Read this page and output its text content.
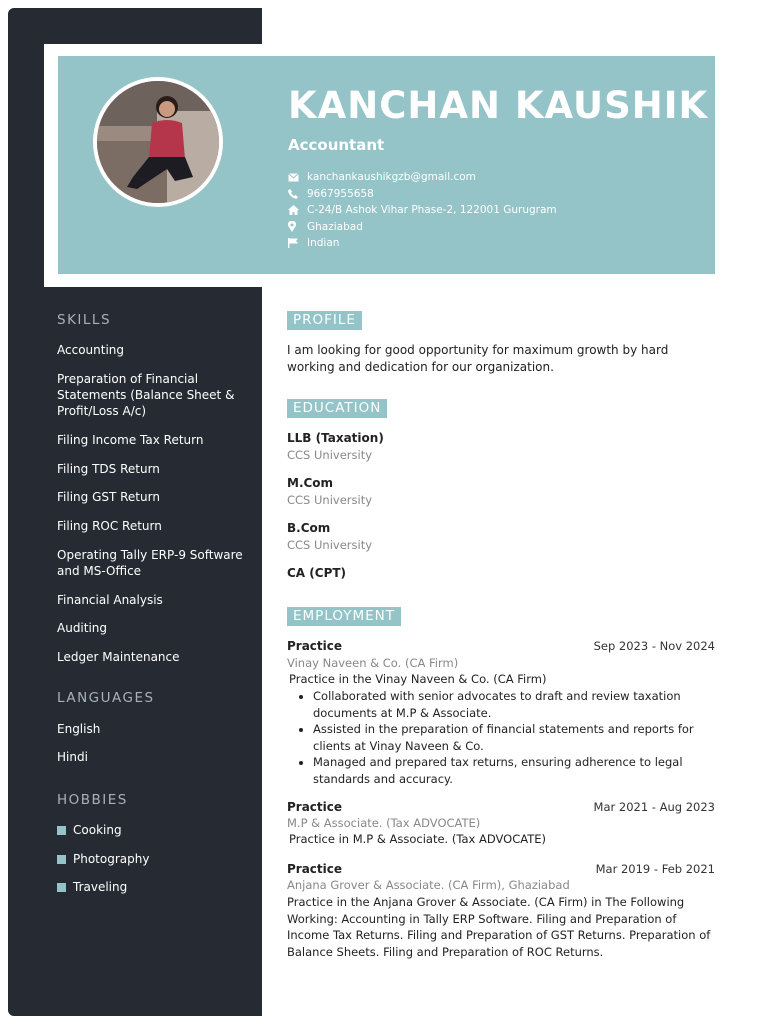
KANCHAN KAUSHIK
Accountant
kanchankaushikgzb@gmail.com
9667955658
C-24/B Ashok Vihar Phase-2, 122001 Gurugram
Ghaziabad
Indian
SKILLS
Accounting
Preparation of Financial Statements (Balance Sheet & Profit/Loss A/c)
Filing Income Tax Return
Filing TDS Return
Filing GST Return
Filing ROC Return
Operating Tally ERP-9 Software and MS-Office
Financial Analysis
Auditing
Ledger Maintenance
LANGUAGES
English
Hindi
HOBBIES
Cooking
Photography
Traveling
PROFILE
I am looking for good opportunity for maximum growth by hard working and dedication for our organization.
EDUCATION
LLB (Taxation)
CCS University
M.Com
CCS University
B.Com
CCS University
CA (CPT)
EMPLOYMENT
Practice	Sep 2023 - Nov 2024
Vinay Naveen & Co. (CA Firm)
Practice in the Vinay Naveen & Co. (CA Firm)
• Collaborated with senior advocates to draft and review taxation documents at M.P & Associate.
• Assisted in the preparation of financial statements and reports for clients at Vinay Naveen & Co.
• Managed and prepared tax returns, ensuring adherence to legal standards and accuracy.
Practice	Mar 2021 - Aug 2023
M.P & Associate. (Tax ADVOCATE)
Practice in M.P & Associate. (Tax ADVOCATE)
Practice	Mar 2019 - Feb 2021
Anjana Grover & Associate. (CA Firm), Ghaziabad
Practice in the Anjana Grover & Associate. (CA Firm) in The Following Working: Accounting in Tally ERP Software. Filing and Preparation of Income Tax Returns. Filing and Preparation of GST Returns. Preparation of Balance Sheets. Filing and Preparation of ROC Returns.
